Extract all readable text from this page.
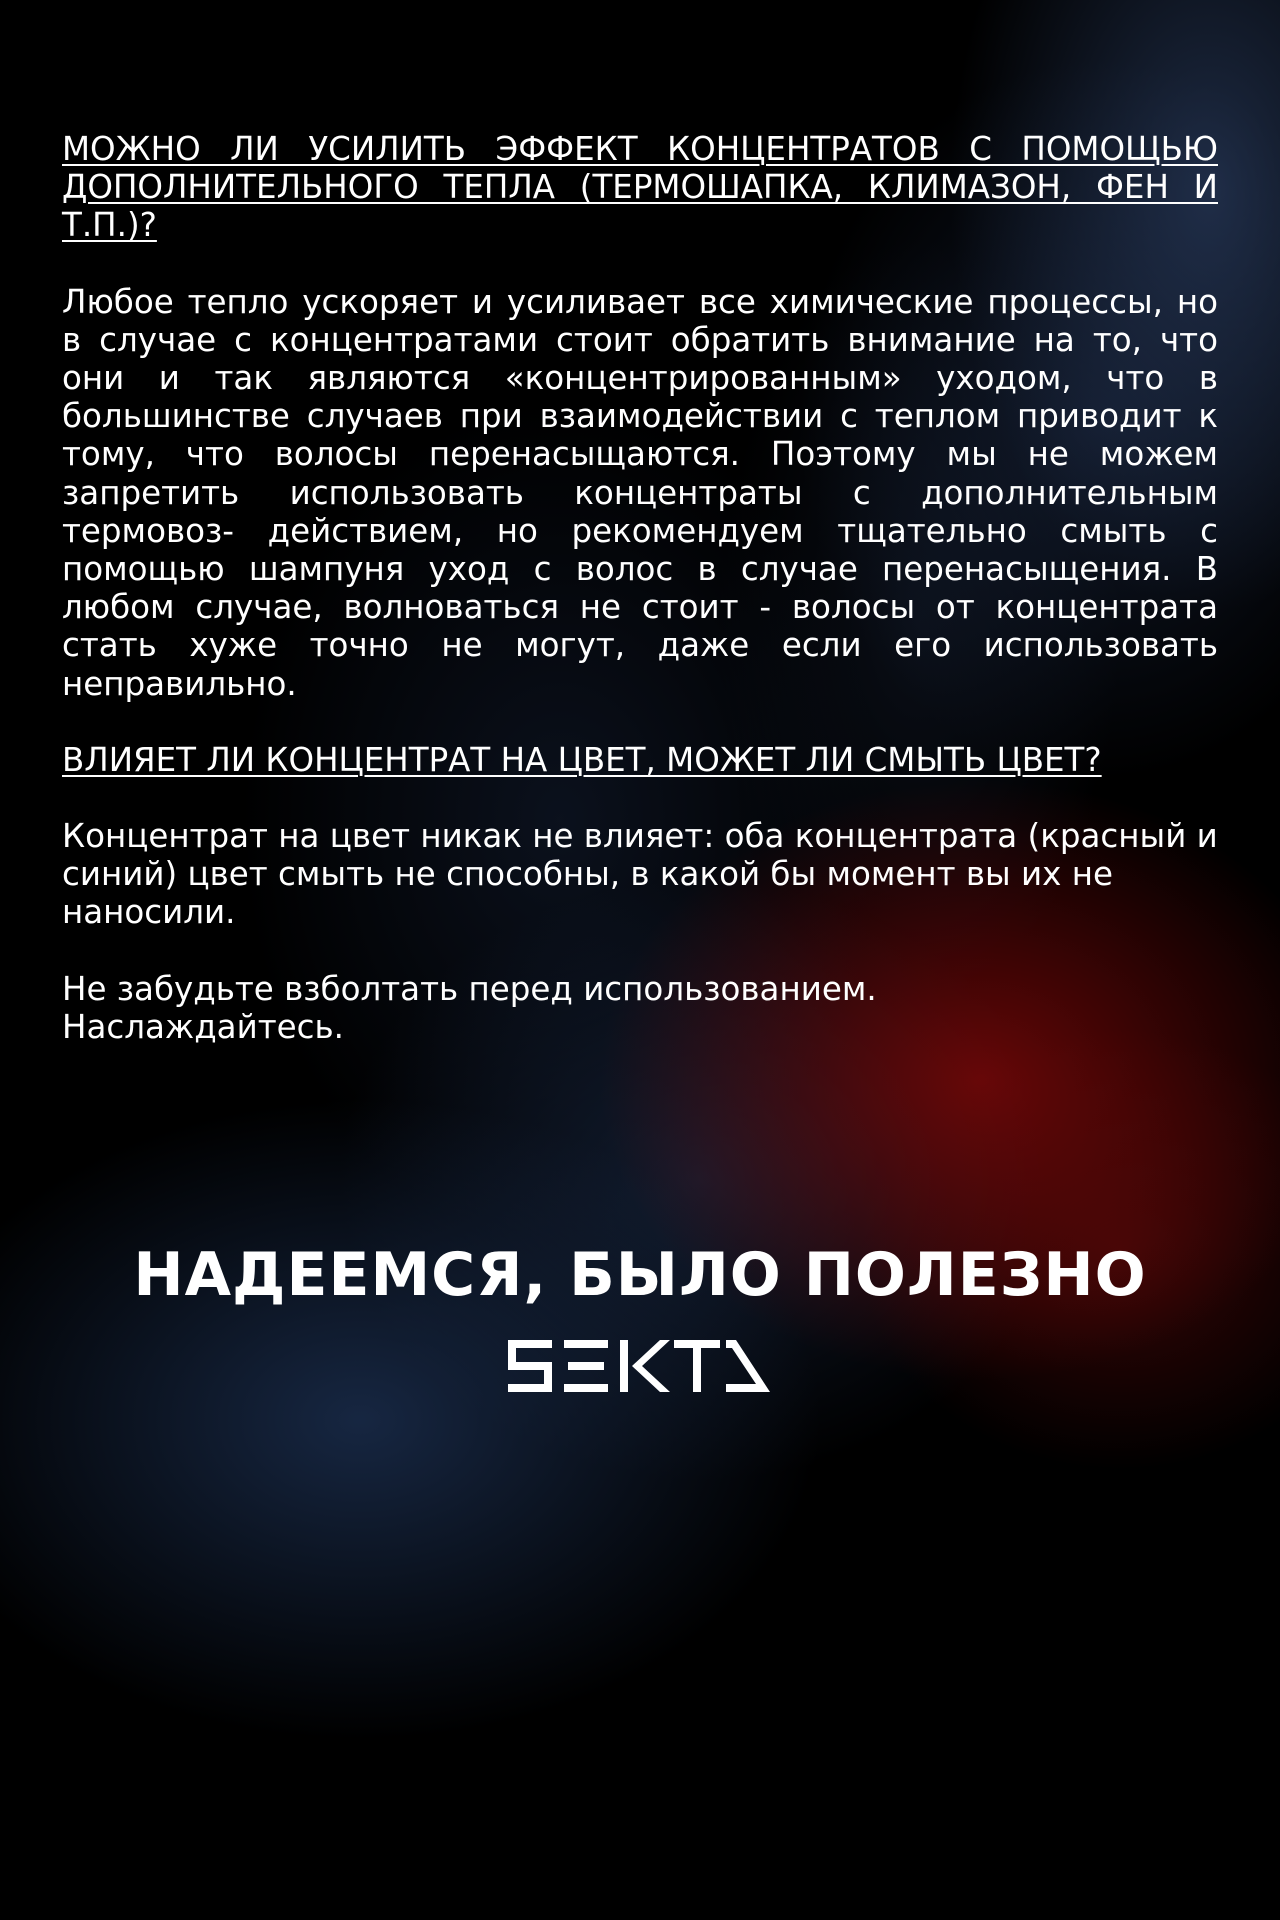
МОЖНО ЛИ УСИЛИТЬ ЭФФЕКТ КОНЦЕНТРАТОВ С ПОМОЩЬЮ ДОПОЛНИТЕЛЬНОГО ТЕПЛА (ТЕРМОШАПКА, КЛИМАЗОН, ФЕН И Т.П.)?

Любое тепло ускоряет и усиливает все химические процессы, но в случае с концентратами стоит обратить внимание на то, что они и так являются «концентрированным» уходом, что в большинстве случаев при взаимодействии с теплом приводит к тому, что волосы перенасыщаются. Поэтому мы не можем запретить использовать концентраты с дополнительным термовоз- действием, но рекомендуем тщательно смыть с помощью шампуня уход с волос в случае перенасыщения. В любом случае, волноваться не стоит - волосы от концентрата стать хуже точно не могут, даже если его использовать неправильно.

ВЛИЯЕТ ЛИ КОНЦЕНТРАТ НА ЦВЕТ, МОЖЕТ ЛИ СМЫТЬ ЦВЕТ?

Концентрат на цвет никак не влияет: оба концентрата (красный и синий) цвет смыть не способны, в какой бы момент вы их не наносили.

Не забудьте взболтать перед использованием.
Наслаждайтесь.

НАДЕЕМСЯ, БЫЛО ПОЛЕЗНО
